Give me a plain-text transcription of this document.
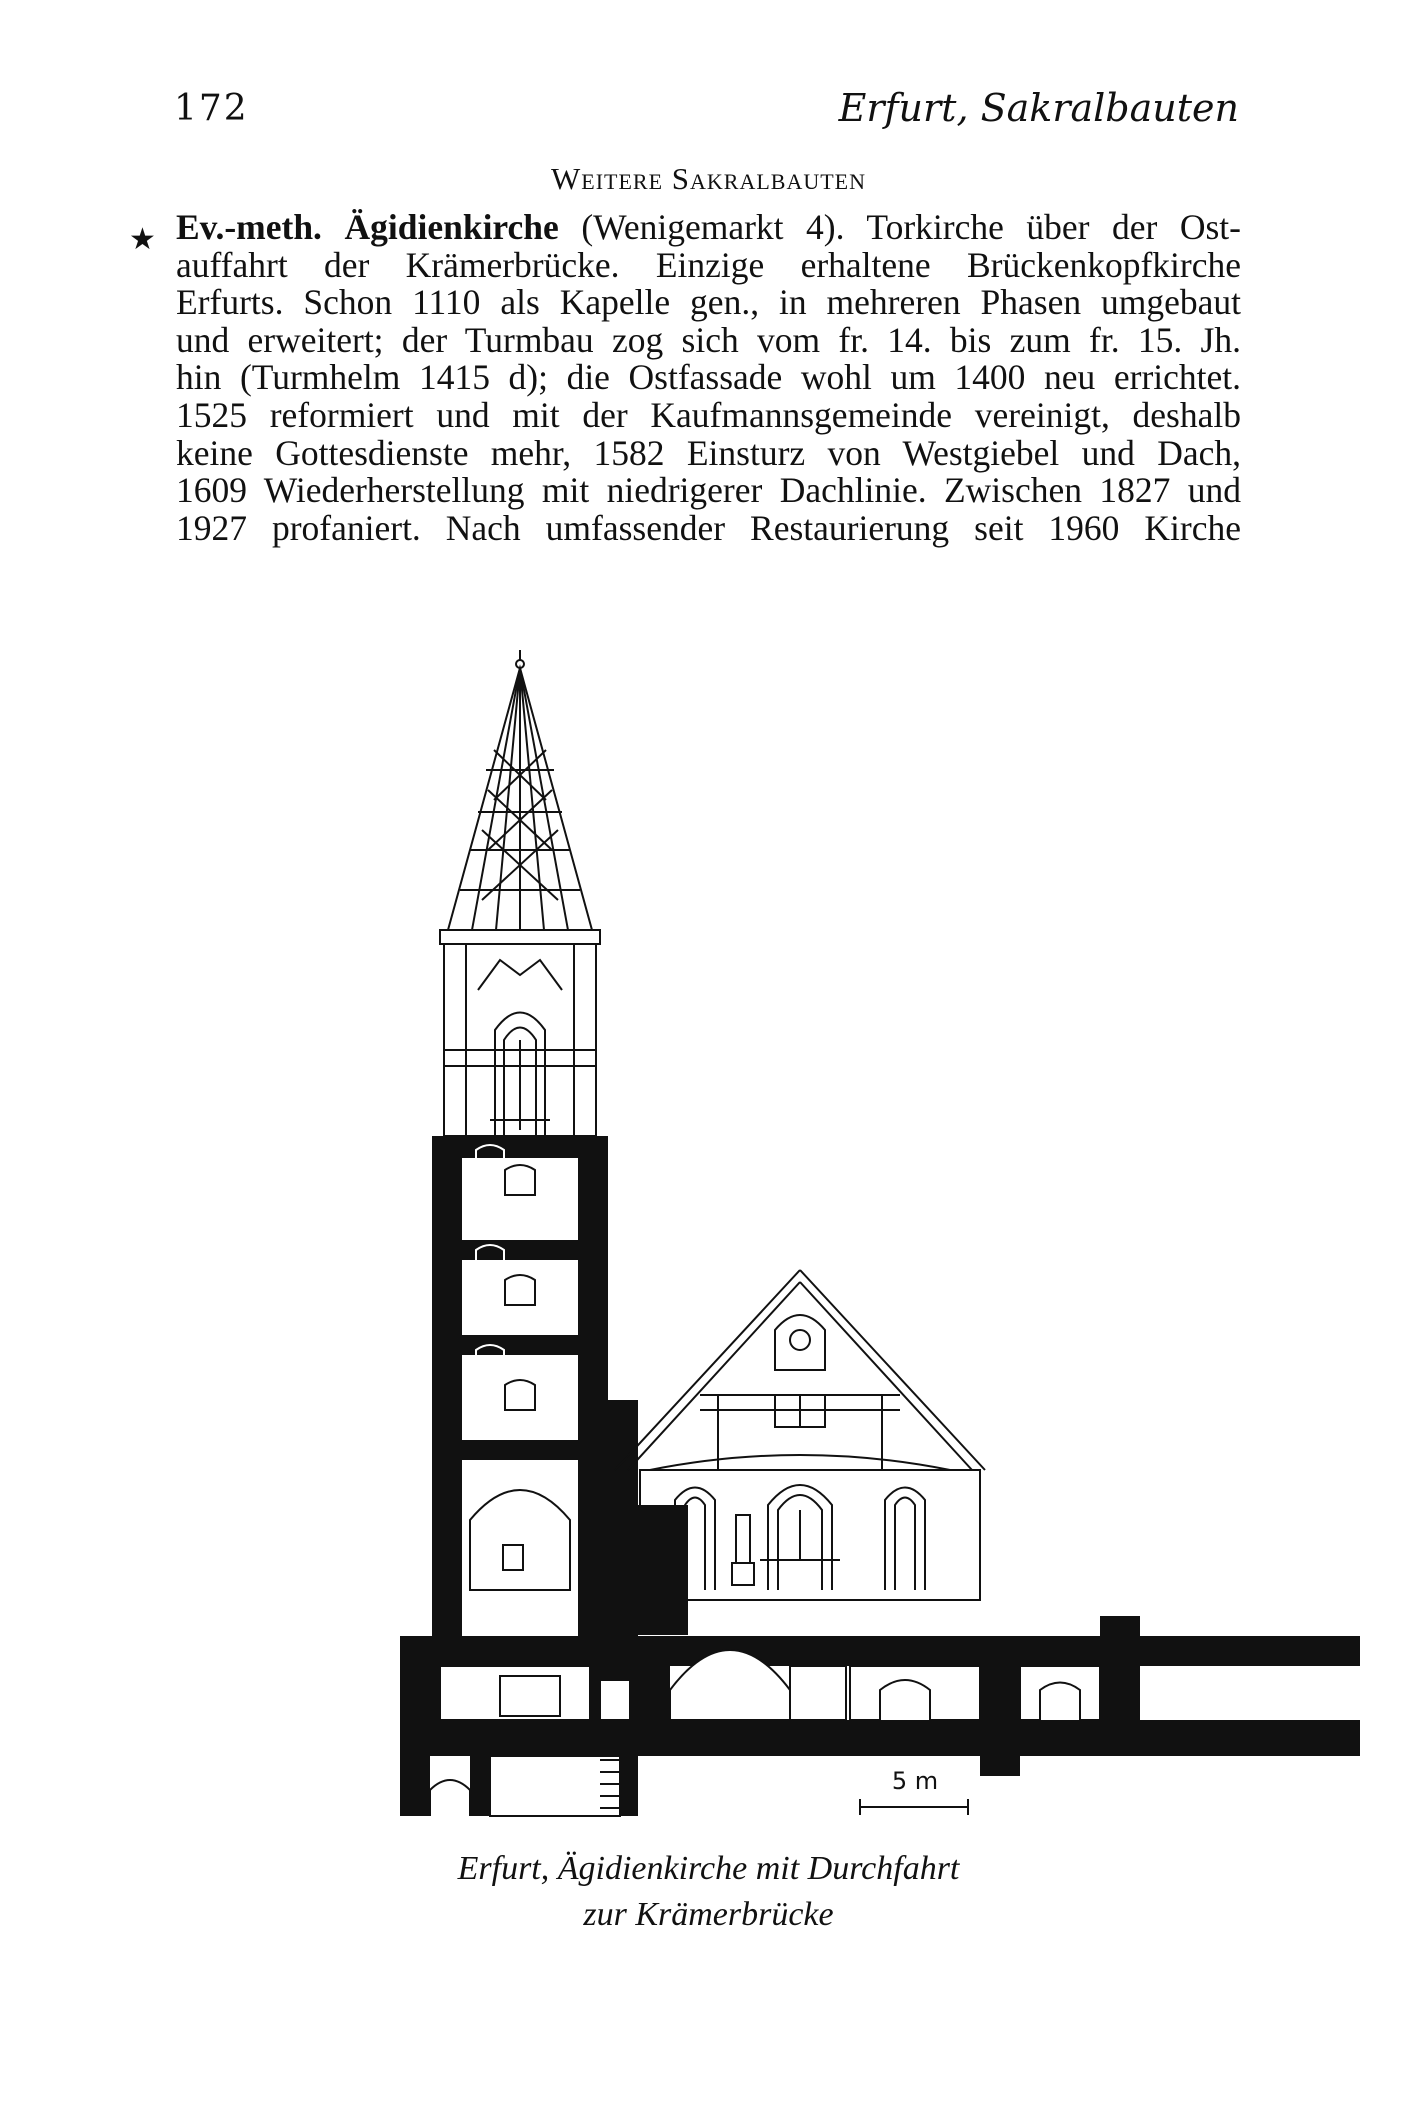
172	Erfurt, Sakralbauten
Weitere Sakralbauten
★ Ev.-meth. Ägidienkirche (Wenigemarkt 4). Torkirche über der Ost-
auffahrt der Krämerbrücke. Einzige erhaltene Brückenkopfkirche
Erfurts. Schon 1110 als Kapelle gen., in mehreren Phasen umgebaut
und erweitert; der Turmbau zog sich vom fr. 14. bis zum fr. 15. Jh.
hin (Turmhelm 1415 d); die Ostfassade wohl um 1400 neu errichtet.
1525 reformiert und mit der Kaufmannsgemeinde vereinigt, deshalb
keine Gottesdienste mehr, 1582 Einsturz von Westgiebel und Dach,
1609 Wiederherstellung mit niedrigerer Dachlinie. Zwischen 1827 und
1927 profaniert. Nach umfassender Restaurierung seit 1960 Kirche
5 m
Erfurt, Ägidienkirche mit Durchfahrt
zur Krämerbrücke
